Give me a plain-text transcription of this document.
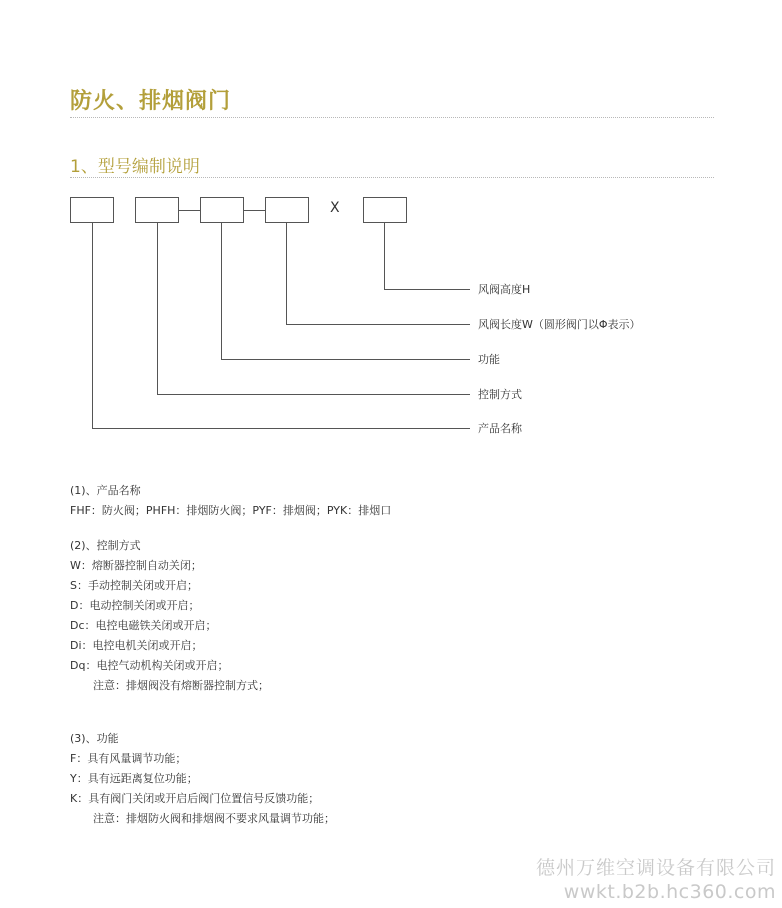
防火、排烟阀门
1、型号编制说明
X
风阀高度H
风阀长度W（圆形阀门以Φ表示）
功能
控制方式
产品名称
(1)、产品名称
FHF：防火阀；PHFH：排烟防火阀；PYF：排烟阀；PYK：排烟口
(2)、控制方式
W：熔断器控制自动关闭；
S：手动控制关闭或开启；
D：电动控制关闭或开启；
Dc：电控电磁铁关闭或开启；
Di：电控电机关闭或开启；
Dq：电控气动机构关闭或开启；
注意：排烟阀没有熔断器控制方式；
(3)、功能
F：具有风量调节功能；
Y：具有远距离复位功能；
K：具有阀门关闭或开启后阀门位置信号反馈功能；
注意：排烟防火阀和排烟阀不要求风量调节功能；
德州万维空调设备有限公司
wwkt.b2b.hc360.com
